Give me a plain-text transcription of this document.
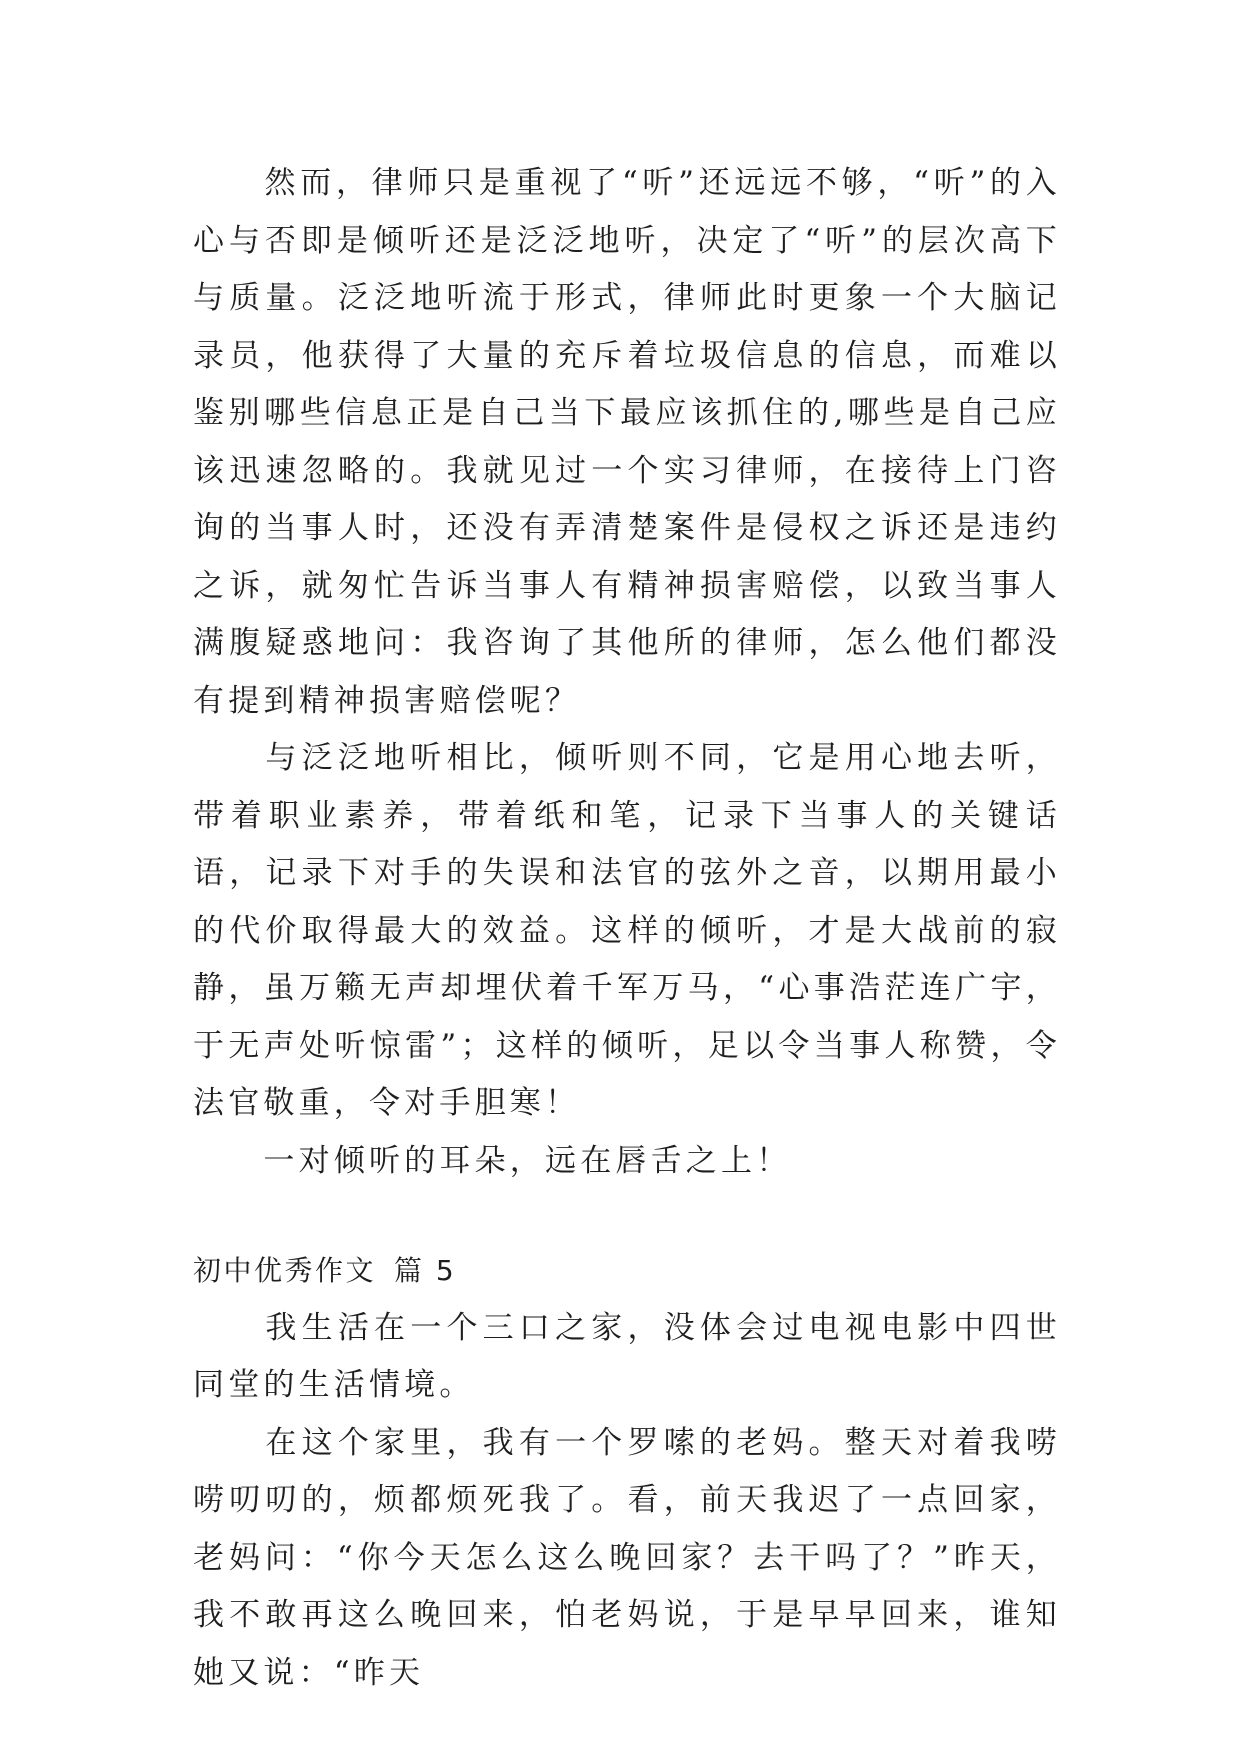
　　然而，律师只是重视了“听”还远远不够，“听”的入心与否即是倾听还是泛泛地听，决定了“听”的层次高下与质量。泛泛地听流于形式，律师此时更象一个大脑记录员，他获得了大量的充斥着垃圾信息的信息，而难以鉴别哪些信息正是自己当下最应该抓住的,哪些是自己应该迅速忽略的。我就见过一个实习律师，在接待上门咨询的当事人时，还没有弄清楚案件是侵权之诉还是违约之诉，就匆忙告诉当事人有精神损害赔偿，以致当事人满腹疑惑地问：我咨询了其他所的律师，怎么他们都没有提到精神损害赔偿呢？

　　与泛泛地听相比，倾听则不同，它是用心地去听，带着职业素养，带着纸和笔，记录下当事人的关键话语，记录下对手的失误和法官的弦外之音，以期用最小的代价取得最大的效益。这样的倾听，才是大战前的寂静，虽万籁无声却埋伏着千军万马，“心事浩茫连广宇，于无声处听惊雷”；这样的倾听，足以令当事人称赞，令法官敬重，令对手胆寒！

　　一对倾听的耳朵，远在唇舌之上！

初中优秀作文 篇 5

　　我生活在一个三口之家，没体会过电视电影中四世同堂的生活情境。

　　在这个家里，我有一个罗嗦的老妈。整天对着我唠唠叨叨的，烦都烦死我了。看，前天我迟了一点回家，老妈问：“你今天怎么这么晚回家？去干吗了？”昨天，我不敢再这么晚回来，怕老妈说，于是早早回来，谁知她又说：“昨天
